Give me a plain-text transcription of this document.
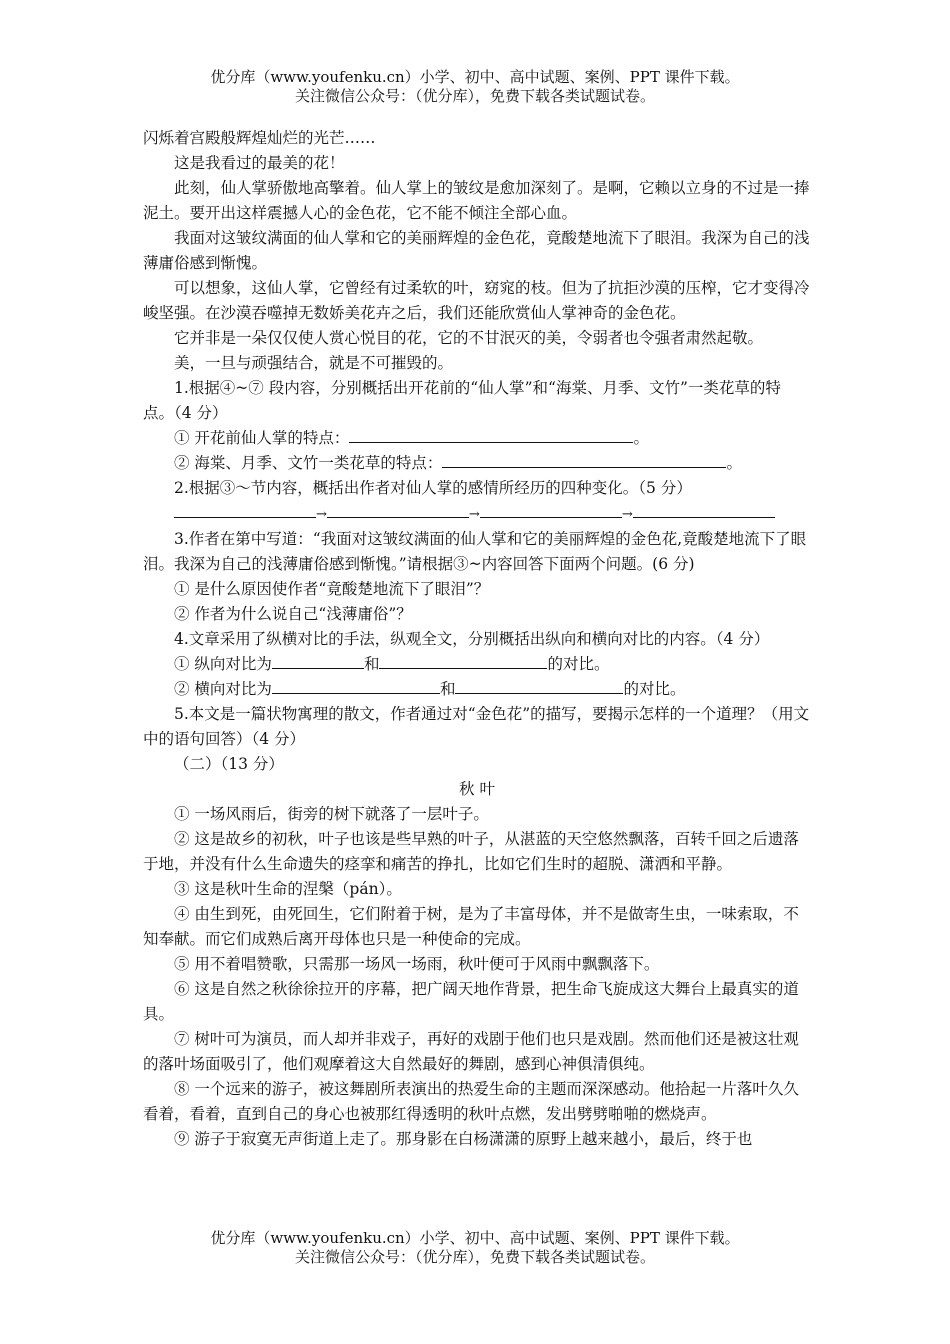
优分库（www.youfenku.cn）小学、初中、高中试题、案例、PPT 课件下载。
关注微信公众号：（优分库），免费下载各类试题试卷。

闪烁着宫殿般辉煌灿烂的光芒……

这是我看过的最美的花！

此刻，仙人掌骄傲地高擎着。仙人掌上的皱纹是愈加深刻了。是啊，它赖以立身的不过是一捧泥土。要开出这样震撼人心的金色花，它不能不倾注全部心血。

我面对这皱纹满面的仙人掌和它的美丽辉煌的金色花，竟酸楚地流下了眼泪。我深为自己的浅薄庸俗感到惭愧。

可以想象，这仙人掌，它曾经有过柔软的叶，窈窕的枝。但为了抗拒沙漠的压榨，它才变得冷峻坚强。在沙漠吞噬掉无数娇美花卉之后，我们还能欣赏仙人掌神奇的金色花。

它并非是一朵仅仅使人赏心悦目的花，它的不甘泯灭的美，令弱者也令强者肃然起敬。

美，一旦与顽强结合，就是不可摧毁的。

1.根据④~⑦ 段内容，分别概括出开花前的“仙人掌”和“海棠、月季、文竹”一类花草的特点。（4 分）

① 开花前仙人掌的特点：	。

② 海棠、月季、文竹一类花草的特点：	。

2.根据③～节内容，概括出作者对仙人掌的感情所经历的四种变化。（5 分）

→	→	→

3.作者在第中写道：“我面对这皱纹满面的仙人掌和它的美丽辉煌的金色花,竟酸楚地流下了眼泪。我深为自己的浅薄庸俗感到惭愧。”请根据③~内容回答下面两个问题。(6 分)

① 是什么原因使作者“竟酸楚地流下了眼泪”？

② 作者为什么说自己“浅薄庸俗”？

4.文章采用了纵横对比的手法，纵观全文，分别概括出纵向和横向对比的内容。（4 分）

① 纵向对比为	和	的对比。

② 横向对比为	和	的对比。

5.本文是一篇状物寓理的散文，作者通过对“金色花”的描写，要揭示怎样的一个道理？（用文中的语句回答）（4 分）

（二）（13 分）

秋 叶

① 一场风雨后，街旁的树下就落了一层叶子。

② 这是故乡的初秋，叶子也该是些早熟的叶子，从湛蓝的天空悠然飘落，百转千回之后遗落于地，并没有什么生命遗失的痉挛和痛苦的挣扎，比如它们生时的超脱、潇洒和平静。

③ 这是秋叶生命的涅槃（pán）。

④ 由生到死，由死回生，它们附着于树，是为了丰富母体，并不是做寄生虫，一味索取，不知奉献。而它们成熟后离开母体也只是一种使命的完成。

⑤ 用不着唱赞歌，只需那一场风一场雨，秋叶便可于风雨中飘飘落下。

⑥ 这是自然之秋徐徐拉开的序幕，把广阔天地作背景，把生命飞旋成这大舞台上最真实的道具。

⑦ 树叶可为演员，而人却并非戏子，再好的戏剧于他们也只是戏剧。然而他们还是被这壮观的落叶场面吸引了，他们观摩着这大自然最好的舞剧，感到心神俱清俱纯。

⑧ 一个远来的游子，被这舞剧所表演出的热爱生命的主题而深深感动。他拾起一片落叶久久看着，看着，直到自己的身心也被那红得透明的秋叶点燃，发出劈劈啪啪的燃烧声。

⑨ 游子于寂寞无声街道上走了。那身影在白杨潇潇的原野上越来越小，最后，终于也

优分库（www.youfenku.cn）小学、初中、高中试题、案例、PPT 课件下载。
关注微信公众号：（优分库），免费下载各类试题试卷。
